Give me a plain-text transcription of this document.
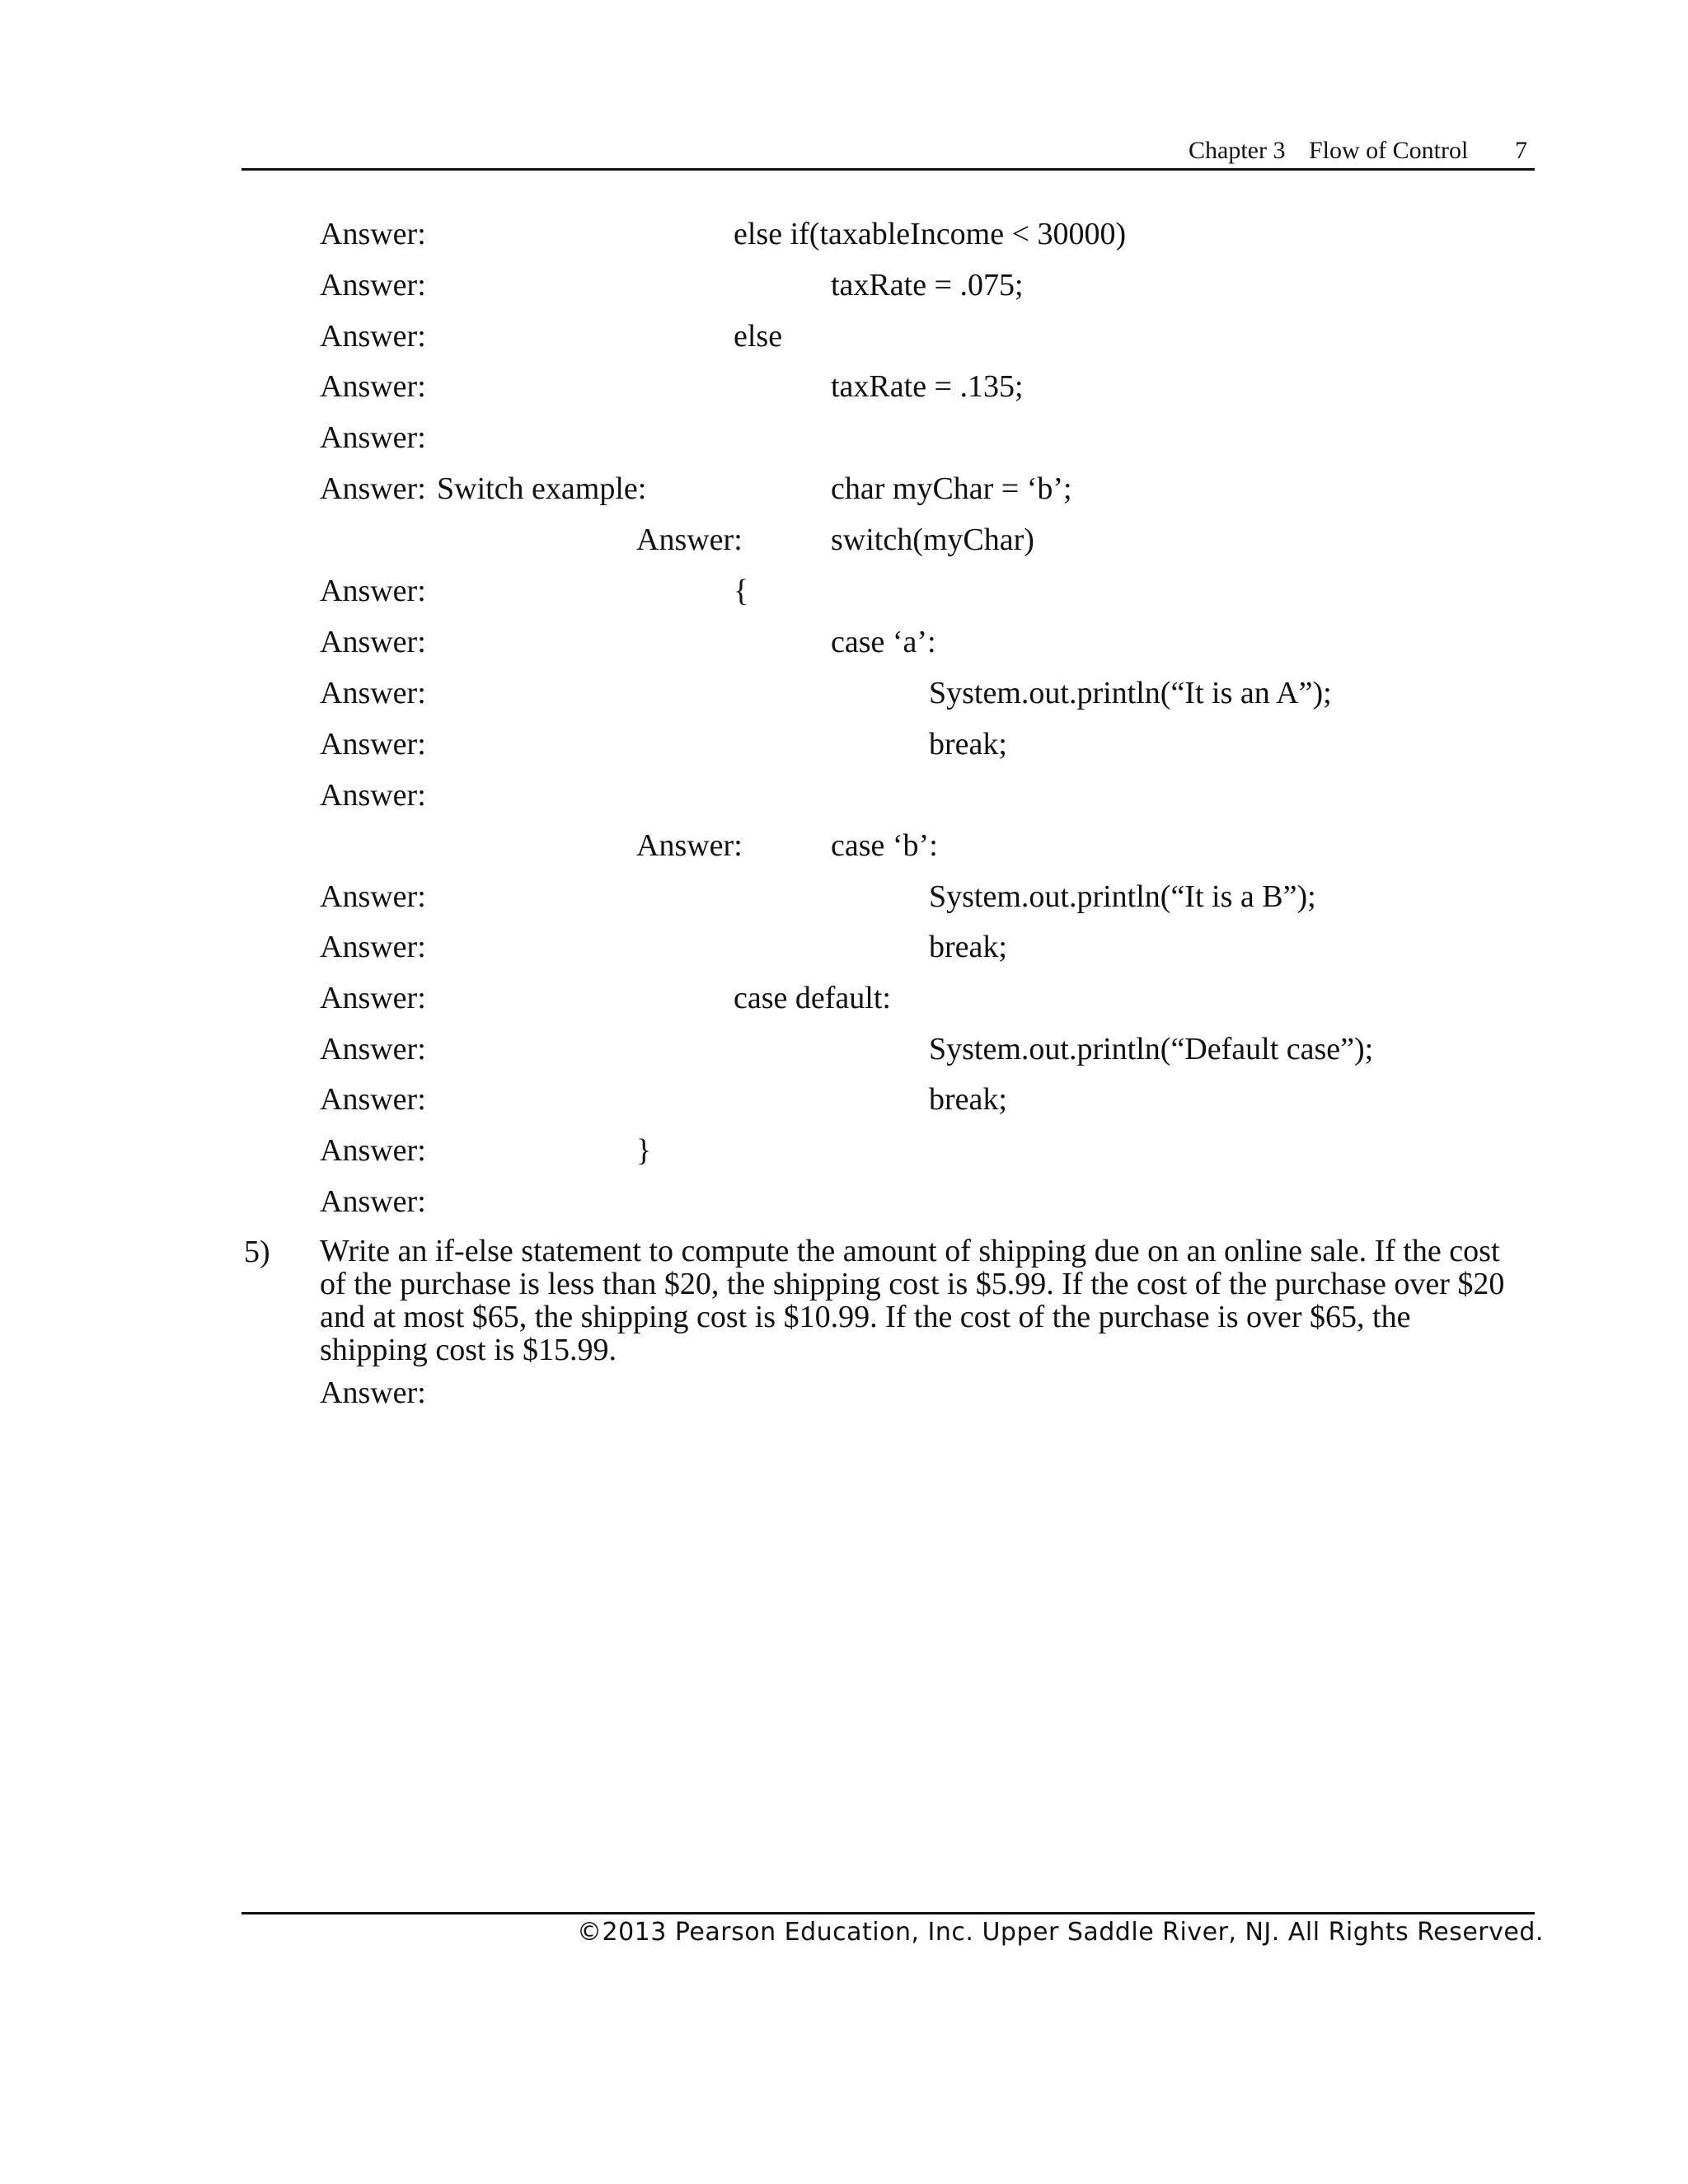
Chapter 3 Flow of Control 7
Answer:	else if(taxableIncome < 30000)
Answer:	taxRate = .075;
Answer:	else
Answer:	taxRate = .135;
Answer:
Answer: Switch example:	char myChar = ‘b’;
Answer:	switch(myChar)
Answer:	{
Answer:	case ‘a’:
Answer:	System.out.println(“It is an A”);
Answer:	break;
Answer:
Answer:	case ‘b’:
Answer:	System.out.println(“It is a B”);
Answer:	break;
Answer:	case default:
Answer:	System.out.println(“Default case”);
Answer:	break;
Answer:	}
Answer:
5) Write an if-else statement to compute the amount of shipping due on an online sale. If the cost of the purchase is less than $20, the shipping cost is $5.99. If the cost of the purchase over $20 and at most $65, the shipping cost is $10.99. If the cost of the purchase is over $65, the shipping cost is $15.99.

Answer:
©2013 Pearson Education, Inc. Upper Saddle River, NJ. All Rights Reserved.
